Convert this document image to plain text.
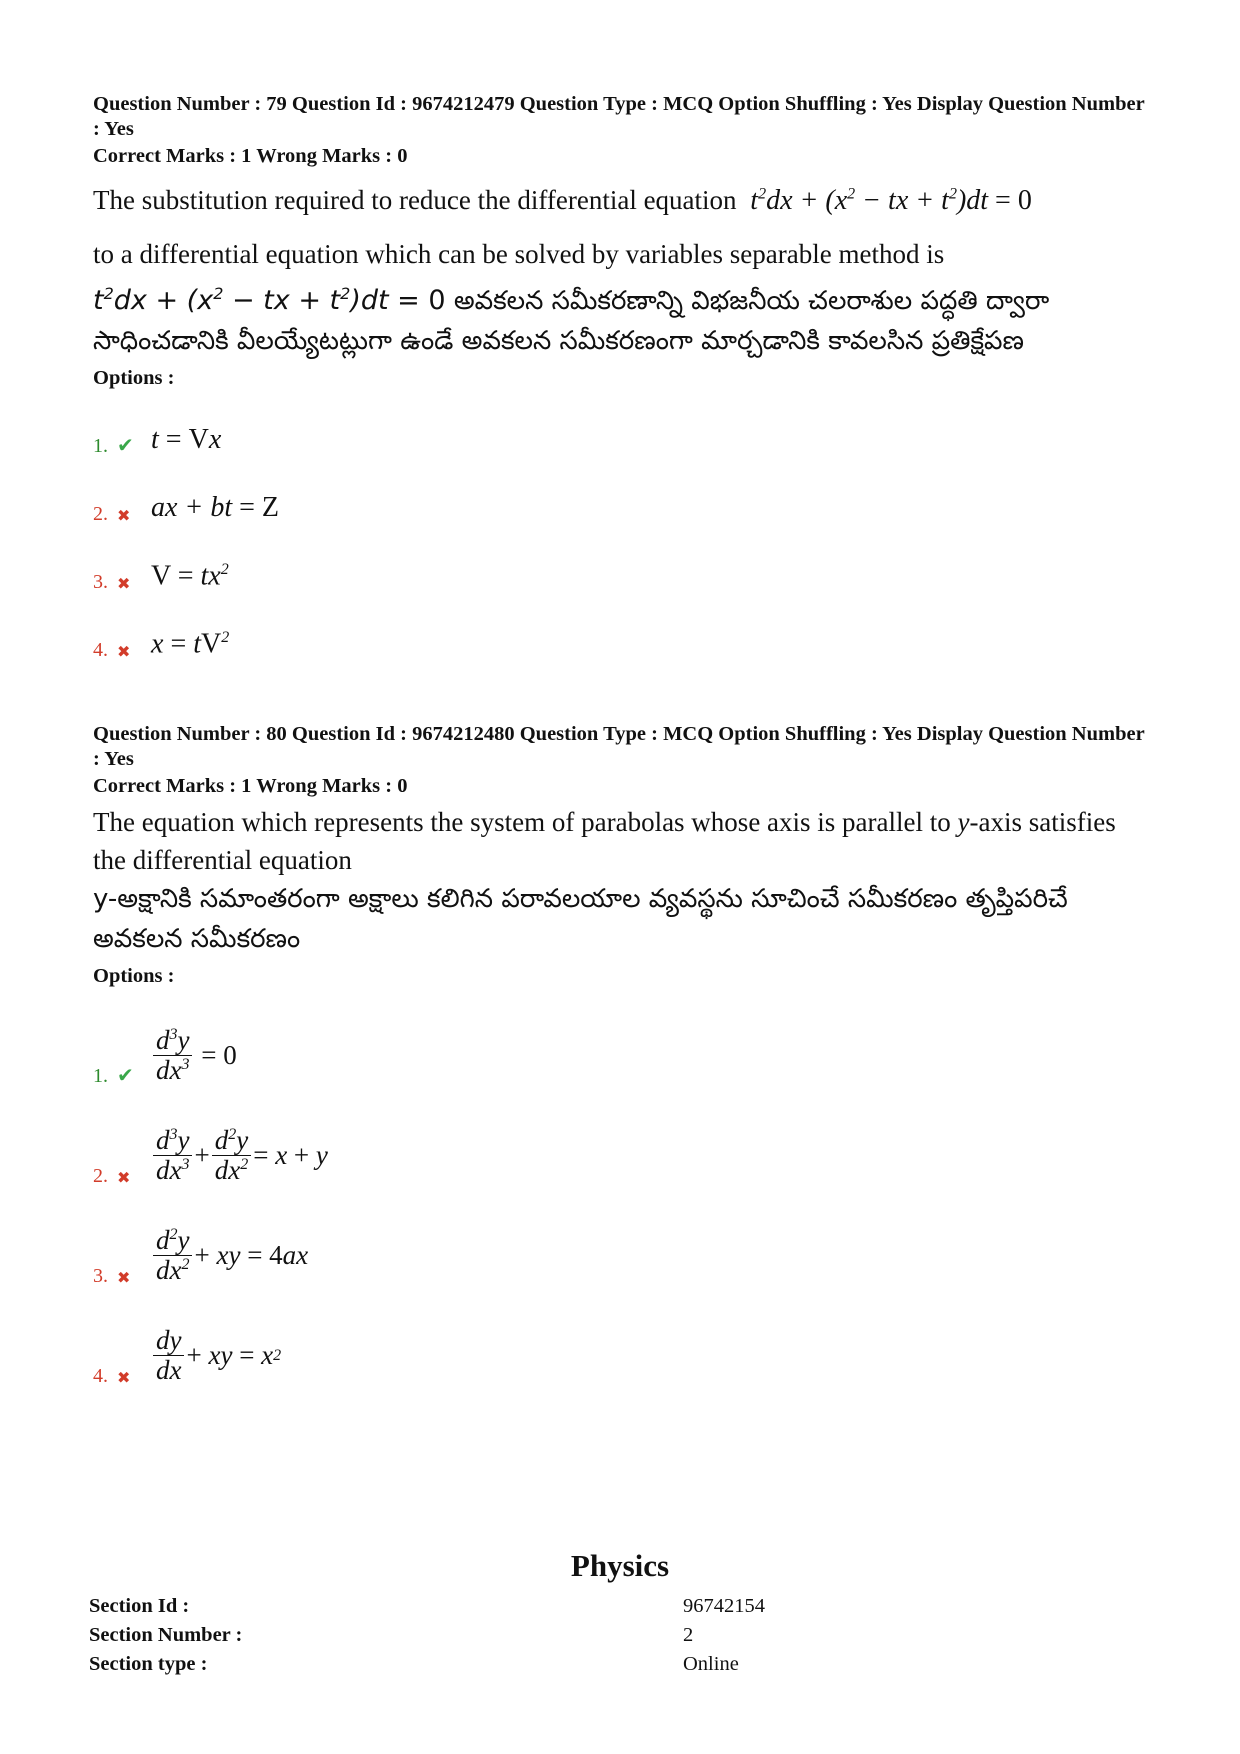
Question Number : 79 Question Id : 9674212479 Question Type : MCQ Option Shuffling : Yes Display Question Number : Yes
Correct Marks : 1 Wrong Marks : 0
The substitution required to reduce the differential equation  $t^2dx + (x^2$ − tx + $t^2)dt = 0$
to a differential equation which can be solved by variables separable method is
$t^2dx + (x^2$ − tx + $t^2)dt = 0$ అవకలన సమీకరణాన్ని విభజనీయ చలరాశుల పద్ధతి ద్వారా సాధించడానికి వీలయ్యేటట్లుగా ఉండే అవకలన సమీకరణంగా మార్చడానికి కావలసిన ప్రతిక్షేపణ
Options :
1. ✔ t = Vx
2. ✖ ax + bt = Z
3. ✖ $V = tx^2$
4. ✖ $x = tV^2$
Question Number : 80 Question Id : 9674212480 Question Type : MCQ Option Shuffling : Yes Display Question Number : Yes
Correct Marks : 1 Wrong Marks : 0
The equation which represents the system of parabolas whose axis is parallel to y-axis satisfies the differential equation
y-అక్షానికి సమాంతరంగా అక్షాలు కలిగిన పరావలయాల వ్యవస్థను సూచించే సమీకరణం తృప్తిపరిచే అవకలన సమీకరణం
Options :
1. ✔ $\frac{d^3y}{dx^3} = 0$
2. ✖ $\frac{d^3y}{dx^3} + \frac{d^2y}{dx^2} = x + y$
3. ✖ $\frac{d^2y}{dx^2}$ + xy = 4 ax
4. ✖ $\frac{dy}{dx}$ + xy = x 2
Physics
Section Id :	96742154
Section Number :	2
Section type :	Online
